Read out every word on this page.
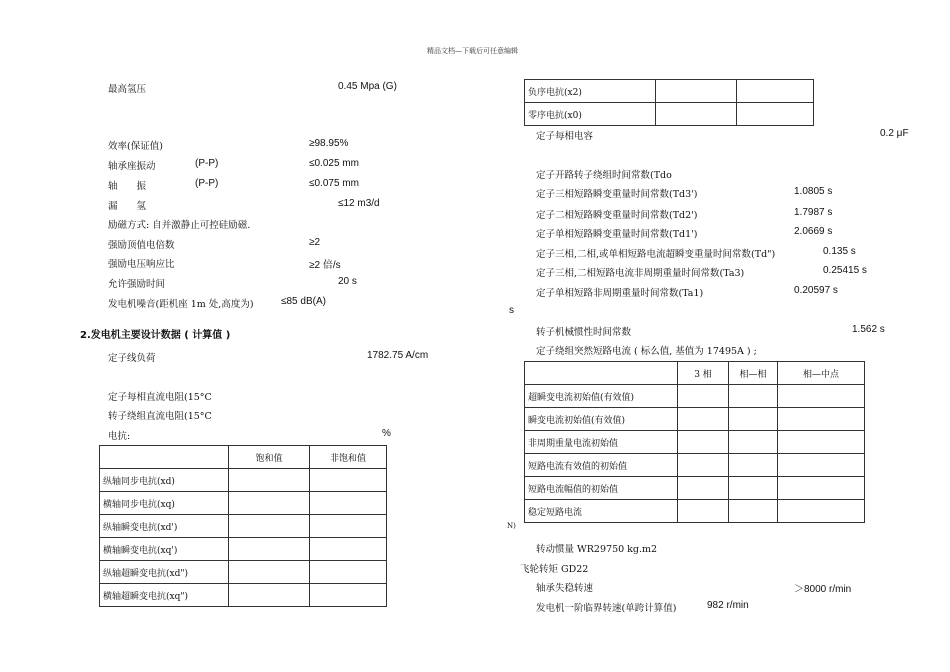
精品文档—下载后可任意编辑
最高氢压	0.45 Mpa (G)
效率(保证值)	≥98.95%
轴承座振动	(P-P)	≤0.025 mm
轴　　振	(P-P)	≤0.075 mm
漏　　氢	≤12 m3/d
励磁方式: 自并激静止可控硅励磁.
强励顶值电倍数	≥2
强励电压响应比	≥2 倍/s
允许强励时间	20 s
发电机噪音(距机座 1m 处,高度为)	≤85 dB(A)
2.发电机主要设计数据 ( 计算值 )
定子线负荷	1782.75 A/cm
定子每相直流电阻(15°C
转子绕组直流电阻(15°C
电抗:	%
	饱和值	非饱和值
纵轴同步电抗(xd)		
横轴同步电抗(xq)		
纵轴瞬变电抗(xd')		
横轴瞬变电抗(xq')		
纵轴超瞬变电抗(xd")		
横轴超瞬变电抗(xq")		
负序电抗(x2)		
零序电抗(x0)		
定子每相电容	0.2 μF
定子开路转子绕组时间常数(Tdo
定子三相短路瞬变重量时间常数(Td3')	1.0805 s
定子二相短路瞬变重量时间常数(Td2')	1.7987 s
定子单相短路瞬变重量时间常数(Td1')	2.0669 s
定子三相,二相,或单相短路电流超瞬变重量时间常数(Td")	0.135 s
定子三相,二相短路电流非周期重量时间常数(Ta3)	0.25415 s
定子单相短路非周期重量时间常数(Ta1)	0.20597 s
s
转子机械惯性时间常数	1.562 s
定子绕组突然短路电流 ( 标么值, 基值为 17495A ) ;
	3 相	相—相	相—中点
超瞬变电流初始值(有效值)			
瞬变电流初始值(有效值)			
非周期重量电流初始值			
短路电流有效值的初始值			
短路电流幅值的初始值			
稳定短路电流			
N)
转动惯量 WR29750 kg.m2
飞轮转矩 GD22
轴承失稳转速	＞8000 r/min
发电机一阶临界转速(单跨计算值)	982 r/min
